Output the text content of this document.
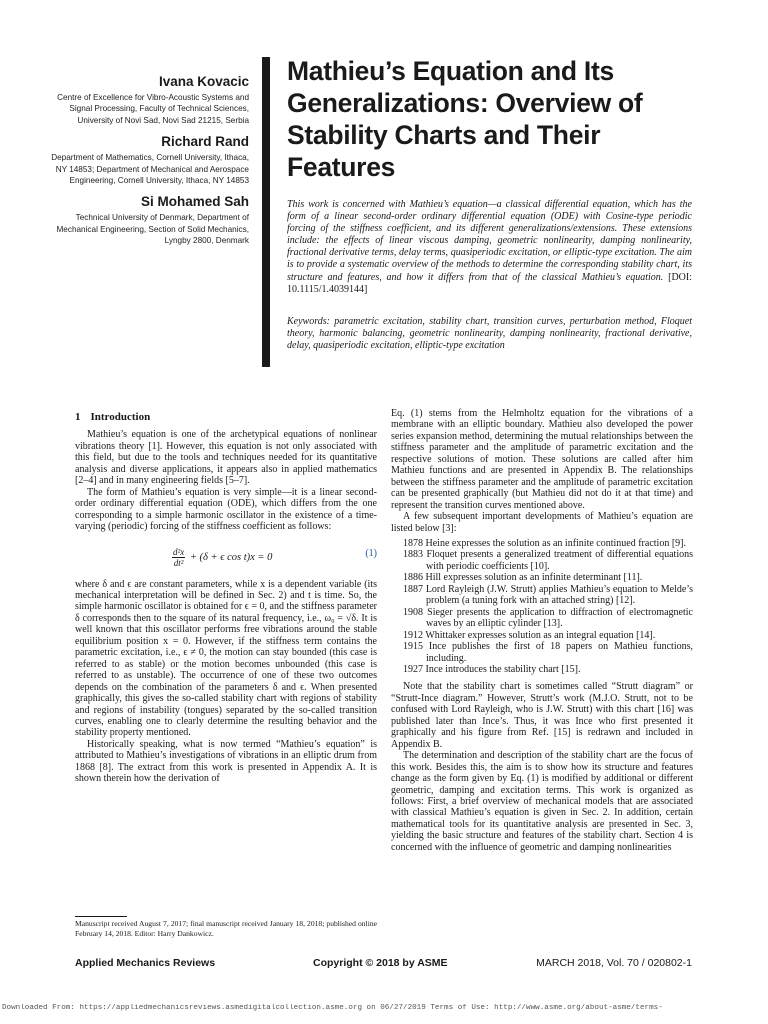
Ivana Kovacic
Centre of Excellence for Vibro-Acoustic Systems and Signal Processing, Faculty of Technical Sciences, University of Novi Sad, Novi Sad 21215, Serbia
Richard Rand
Department of Mathematics, Cornell University, Ithaca, NY 14853; Department of Mechanical and Aerospace Engineering, Cornell University, Ithaca, NY 14853
Si Mohamed Sah
Technical University of Denmark, Department of Mechanical Engineering, Section of Solid Mechanics, Lyngby 2800, Denmark
Mathieu’s Equation and Its Generalizations: Overview of Stability Charts and Their Features
This work is concerned with Mathieu’s equation—a classical differential equation, which has the form of a linear second-order ordinary differential equation (ODE) with Cosine-type periodic forcing of the stiffness coefficient, and its different generalizations/extensions. These extensions include: the effects of linear viscous damping, geometric nonlinearity, damping nonlinearity, fractional derivative terms, delay terms, quasiperiodic excitation, or elliptic-type excitation. The aim is to provide a systematic overview of the methods to determine the corresponding stability chart, its structure and features, and how it differs from that of the classical Mathieu’s equation. [DOI: 10.1115/1.4039144]
Keywords: parametric excitation, stability chart, transition curves, perturbation method, Floquet theory, harmonic balancing, geometric nonlinearity, damping nonlinearity, fractional derivative, delay, quasiperiodic excitation, elliptic-type excitation
1 Introduction

Mathieu’s equation is one of the archetypical equations of nonlinear vibrations theory [1]. However, this equation is not only associated with this field, but due to the tools and techniques needed for its quantitative analysis and diverse applications, it appears also in applied mathematics [2–4] and in many engineering fields [5–7].

The form of Mathieu’s equation is very simple—it is a linear second-order ordinary differential equation (ODE), which differs from the one corresponding to a simple harmonic oscillator in the existence of a time-varying (periodic) forcing of the stiffness coefficient as follows:

$\frac{\text{d²x}}{\text{dt²}} + (\delta + \epsilon$ cos t)x = 0	(1)

where δ and ϵ are constant parameters, while x is a dependent variable (its mechanical interpretation will be defined in Sec. 2) and t is time. So, the simple harmonic oscillator is obtained for ϵ = 0, and the stiffness parameter δ corresponds then to the square of its natural frequency, i.e., ω₀ = √δ. It is well known that this oscillator performs free vibrations around the stable equilibrium position x = 0. However, if the stiffness term contains the parametric excitation, i.e., ϵ ≠ 0, the motion can stay bounded (this case is referred to as stable) or the motion becomes unbounded (this case is referred to as unstable). The occurrence of one of these two outcomes depends on the combination of the parameters δ and ϵ. When presented graphically, this gives the so-called stability chart with regions of stability and regions of instability (tongues) separated by the so-called transition curves, enabling one to clearly determine the resulting behavior and the stability property mentioned.

Historically speaking, what is now termed “Mathieu’s equation” is attributed to Mathieu’s investigations of vibrations in an elliptic drum from 1868 [8]. The extract from this work is presented in Appendix A. It is shown therein how the derivation of

Manuscript received August 7, 2017; final manuscript received January 18, 2018; published online February 14, 2018. Editor: Harry Dankowicz.

Eq. (1) stems from the Helmholtz equation for the vibrations of a membrane with an elliptic boundary. Mathieu also developed the power series expansion method, determining the mutual relationships between the stiffness parameter and the amplitude of parametric excitation and the respective solutions of motion. These solutions are called after him Mathieu functions and are presented in Appendix B. The relationships between the stiffness parameter and the amplitude of parametric excitation can be presented graphically (but Mathieu did not do it at that time) and represent the transition curves mentioned above.

A few subsequent important developments of Mathieu’s equation are listed below [3]:

1878 Heine expresses the solution as an infinite continued fraction [9].
1883 Floquet presents a generalized treatment of differential equations with periodic coefficients [10].
1886 Hill expresses solution as an infinite determinant [11].
1887 Lord Rayleigh (J.W. Strutt) applies Mathieu’s equation to Melde’s problem (a tuning fork with an attached string) [12].
1908 Sieger presents the application to diffraction of electromagnetic waves by an elliptic cylinder [13].
1912 Whittaker expresses solution as an integral equation [14].
1915 Ince publishes the first of 18 papers on Mathieu functions, including.
1927 Ince introduces the stability chart [15].

Note that the stability chart is sometimes called “Strutt diagram” or “Strutt-Ince diagram.” However, Strutt’s work (M.J.O. Strutt, not to be confused with Lord Rayleigh, who is J.W. Strutt) with this chart [16] was published later than Ince’s. Thus, it was Ince who first presented it graphically and his figure from Ref. [15] is redrawn and included in Appendix B.

The determination and description of the stability chart are the focus of this work. Besides this, the aim is to show how its structure and features change as the form given by Eq. (1) is modified by additional or different geometric, damping and excitation terms. This work is organized as follows: First, a brief overview of mechanical models that are associated with classical Mathieu’s equation is given in Sec. 2. In addition, certain mathematical tools for its quantitative analysis are presented in Sec. 3, yielding the basic structure and features of the stability chart. Section 4 is concerned with the influence of geometric and damping nonlinearities

Applied Mechanics Reviews	Copyright © 2018 by ASME	MARCH 2018, Vol. 70 / 020802-1
Downloaded From: https://appliedmechanicsreviews.asmedigitalcollection.asme.org on 06/27/2019 Terms of Use: http://www.asme.org/about-asme/terms-
